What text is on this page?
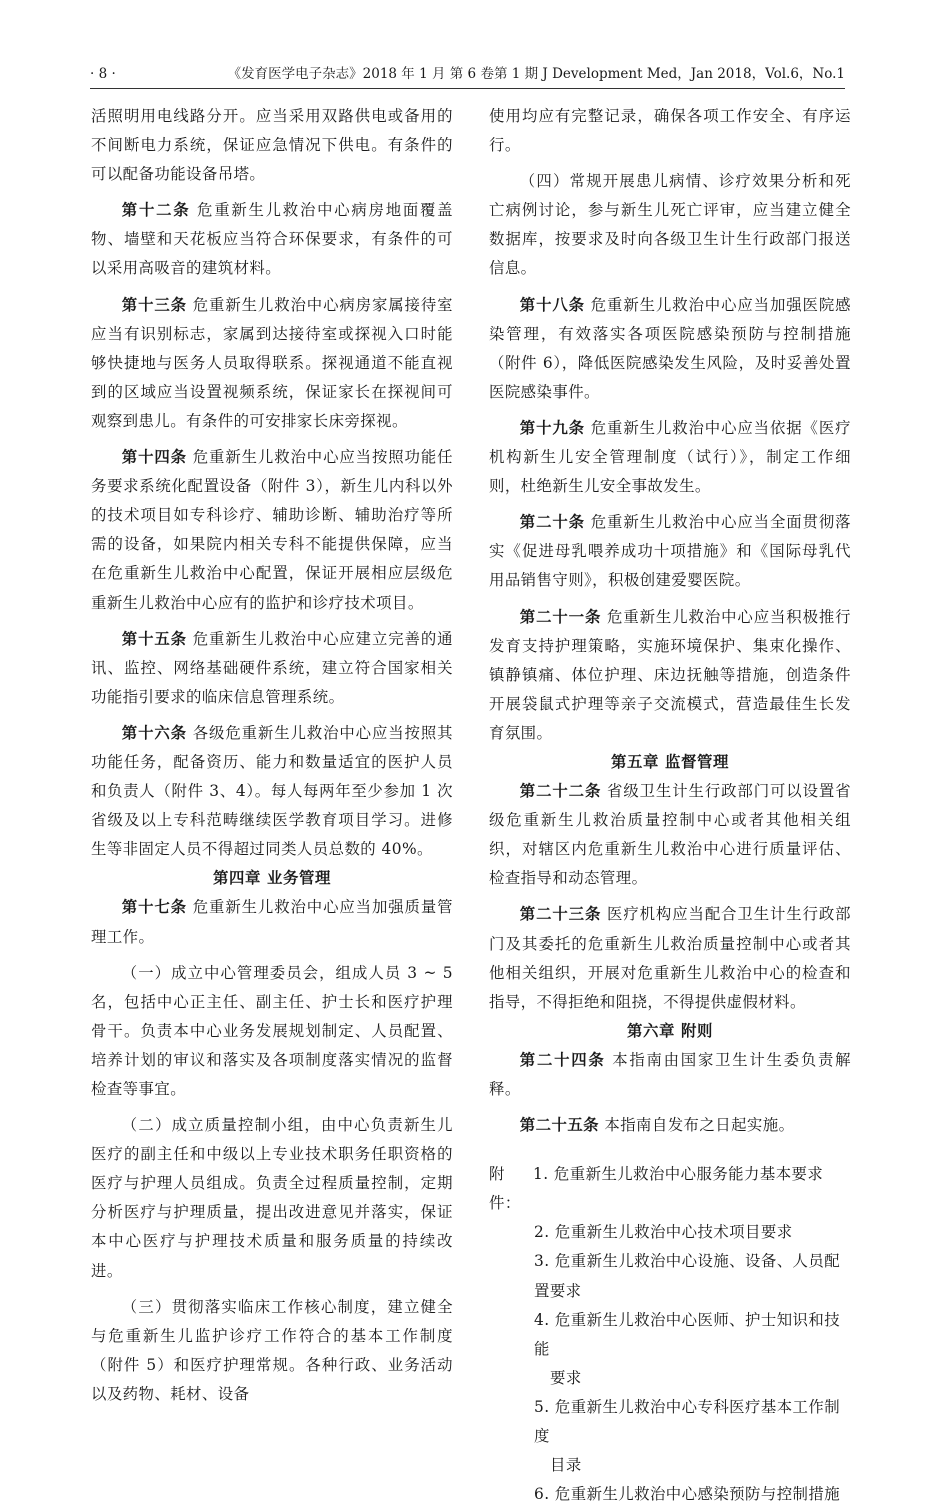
· 8 ·	《发育医学电子杂志》2018 年 1 月 第 6 卷第 1 期 J Development Med，Jan 2018，Vol.6，No.1

活照明用电线路分开。应当采用双路供电或备用的不间断电力系统，保证应急情况下供电。有条件的可以配备功能设备吊塔。

第十二条 危重新生儿救治中心病房地面覆盖物、墙壁和天花板应当符合环保要求，有条件的可以采用高吸音的建筑材料。

第十三条 危重新生儿救治中心病房家属接待室应当有识别标志，家属到达接待室或探视入口时能够快捷地与医务人员取得联系。探视通道不能直视到的区域应当设置视频系统，保证家长在探视间可观察到患儿。有条件的可安排家长床旁探视。

第十四条 危重新生儿救治中心应当按照功能任务要求系统化配置设备（附件 3），新生儿内科以外的技术项目如专科诊疗、辅助诊断、辅助治疗等所需的设备，如果院内相关专科不能提供保障，应当在危重新生儿救治中心配置，保证开展相应层级危重新生儿救治中心应有的监护和诊疗技术项目。

第十五条 危重新生儿救治中心应建立完善的通讯、监控、网络基础硬件系统，建立符合国家相关功能指引要求的临床信息管理系统。

第十六条 各级危重新生儿救治中心应当按照其功能任务，配备资历、能力和数量适宜的医护人员和负责人（附件 3、4）。每人每两年至少参加 1 次省级及以上专科范畴继续医学教育项目学习。进修生等非固定人员不得超过同类人员总数的 40%。

第四章 业务管理

第十七条 危重新生儿救治中心应当加强质量管理工作。

（一）成立中心管理委员会，组成人员 3 ~ 5 名，包括中心正主任、副主任、护士长和医疗护理骨干。负责本中心业务发展规划制定、人员配置、培养计划的审议和落实及各项制度落实情况的监督检查等事宜。

（二）成立质量控制小组，由中心负责新生儿医疗的副主任和中级以上专业技术职务任职资格的医疗与护理人员组成。负责全过程质量控制，定期分析医疗与护理质量，提出改进意见并落实，保证本中心医疗与护理技术质量和服务质量的持续改进。

（三）贯彻落实临床工作核心制度，建立健全与危重新生儿监护诊疗工作符合的基本工作制度（附件 5）和医疗护理常规。各种行政、业务活动以及药物、耗材、设备

使用均应有完整记录，确保各项工作安全、有序运行。

（四）常规开展患儿病情、诊疗效果分析和死亡病例讨论，参与新生儿死亡评审，应当建立健全数据库，按要求及时向各级卫生计生行政部门报送信息。

第十八条 危重新生儿救治中心应当加强医院感染管理，有效落实各项医院感染预防与控制措施（附件 6），降低医院感染发生风险，及时妥善处置医院感染事件。

第十九条 危重新生儿救治中心应当依据《医疗机构新生儿安全管理制度（试行）》，制定工作细则，杜绝新生儿安全事故发生。

第二十条 危重新生儿救治中心应当全面贯彻落实《促进母乳喂养成功十项措施》和《国际母乳代用品销售守则》，积极创建爱婴医院。

第二十一条 危重新生儿救治中心应当积极推行发育支持护理策略，实施环境保护、集束化操作、镇静镇痛、体位护理、床边抚触等措施，创造条件开展袋鼠式护理等亲子交流模式，营造最佳生长发育氛围。

第五章 监督管理

第二十二条 省级卫生计生行政部门可以设置省级危重新生儿救治质量控制中心或者其他相关组织，对辖区内危重新生儿救治中心进行质量评估、检查指导和动态管理。

第二十三条 医疗机构应当配合卫生计生行政部门及其委托的危重新生儿救治质量控制中心或者其他相关组织，开展对危重新生儿救治中心的检查和指导，不得拒绝和阻挠，不得提供虚假材料。

第六章 附则

第二十四条 本指南由国家卫生计生委负责解释。

第二十五条 本指南自发布之日起实施。

附件：
1. 危重新生儿救治中心服务能力基本要求
2. 危重新生儿救治中心技术项目要求
3. 危重新生儿救治中心设施、设备、人员配置要求
4. 危重新生儿救治中心医师、护士知识和技能
要求
5. 危重新生儿救治中心专科医疗基本工作制度
目录
6. 危重新生儿救治中心感染预防与控制措施
